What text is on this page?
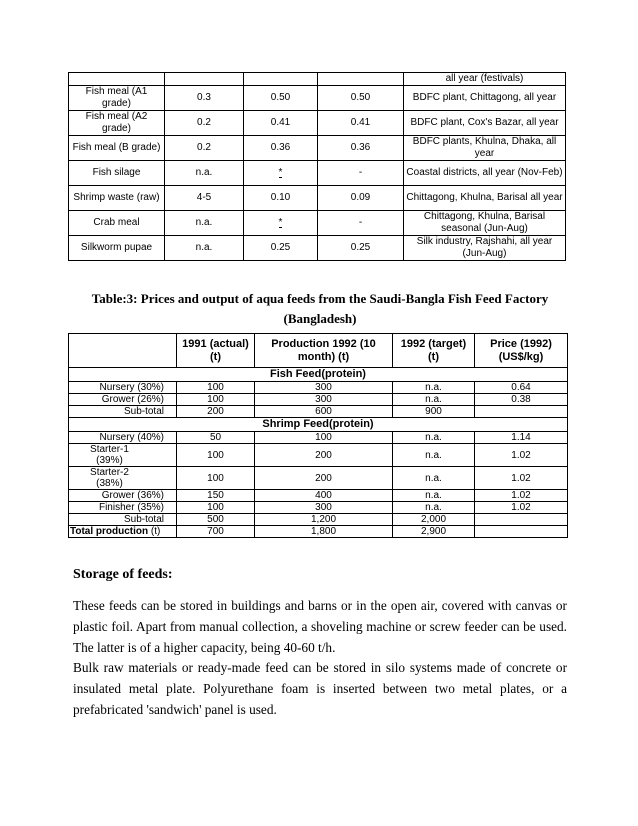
				all year (festivals)
Fish meal (A1 grade)	0.3	0.50	0.50	BDFC plant, Chittagong, all year
Fish meal (A2 grade)	0.2	0.41	0.41	BDFC plant, Cox's Bazar, all year
Fish meal (B grade)	0.2	0.36	0.36	BDFC plants, Khulna, Dhaka, all year
Fish silage	n.a.	*	-	Coastal districts, all year (Nov-Feb)
Shrimp waste (raw)	4-5	0.10	0.09	Chittagong, Khulna, Barisal all year
Crab meal	n.a.	*	-	Chittagong, Khulna, Barisal seasonal (Jun-Aug)
Silkworm pupae	n.a.	0.25	0.25	Silk industry, Rajshahi, all year (Jun-Aug)
Table:3: Prices and output of aqua feeds from the Saudi-Bangla Fish Feed Factory
(Bangladesh)
	1991 (actual) (t)	Production 1992 (10 month) (t)	1992 (target) (t)	Price (1992) (US$/kg)
Fish Feed(protein)				
Nursery (30%)	100	300	n.a.	0.64
Grower (26%)	100	300	n.a.	0.38
Sub-total	200	600	900	
Shrimp Feed(protein)				
Nursery (40%)	50	100	n.a.	1.14
Starter-1 (39%)	100	200	n.a.	1.02
Starter-2 (38%)	100	200	n.a.	1.02
Grower (36%)	150	400	n.a.	1.02
Finisher (35%)	100	300	n.a.	1.02
Sub-total	500	1,200	2,000	
Total production (t)	700	1,800	2,900	
Storage of feeds:

These feeds can be stored in buildings and barns or in the open air, covered with canvas or plastic foil. Apart from manual collection, a shoveling machine or screw feeder can be used. The latter is of a higher capacity, being 40-60 t/h.

Bulk raw materials or ready-made feed can be stored in silo systems made of concrete or insulated metal plate. Polyurethane foam is inserted between two metal plates, or a prefabricated 'sandwich' panel is used.
